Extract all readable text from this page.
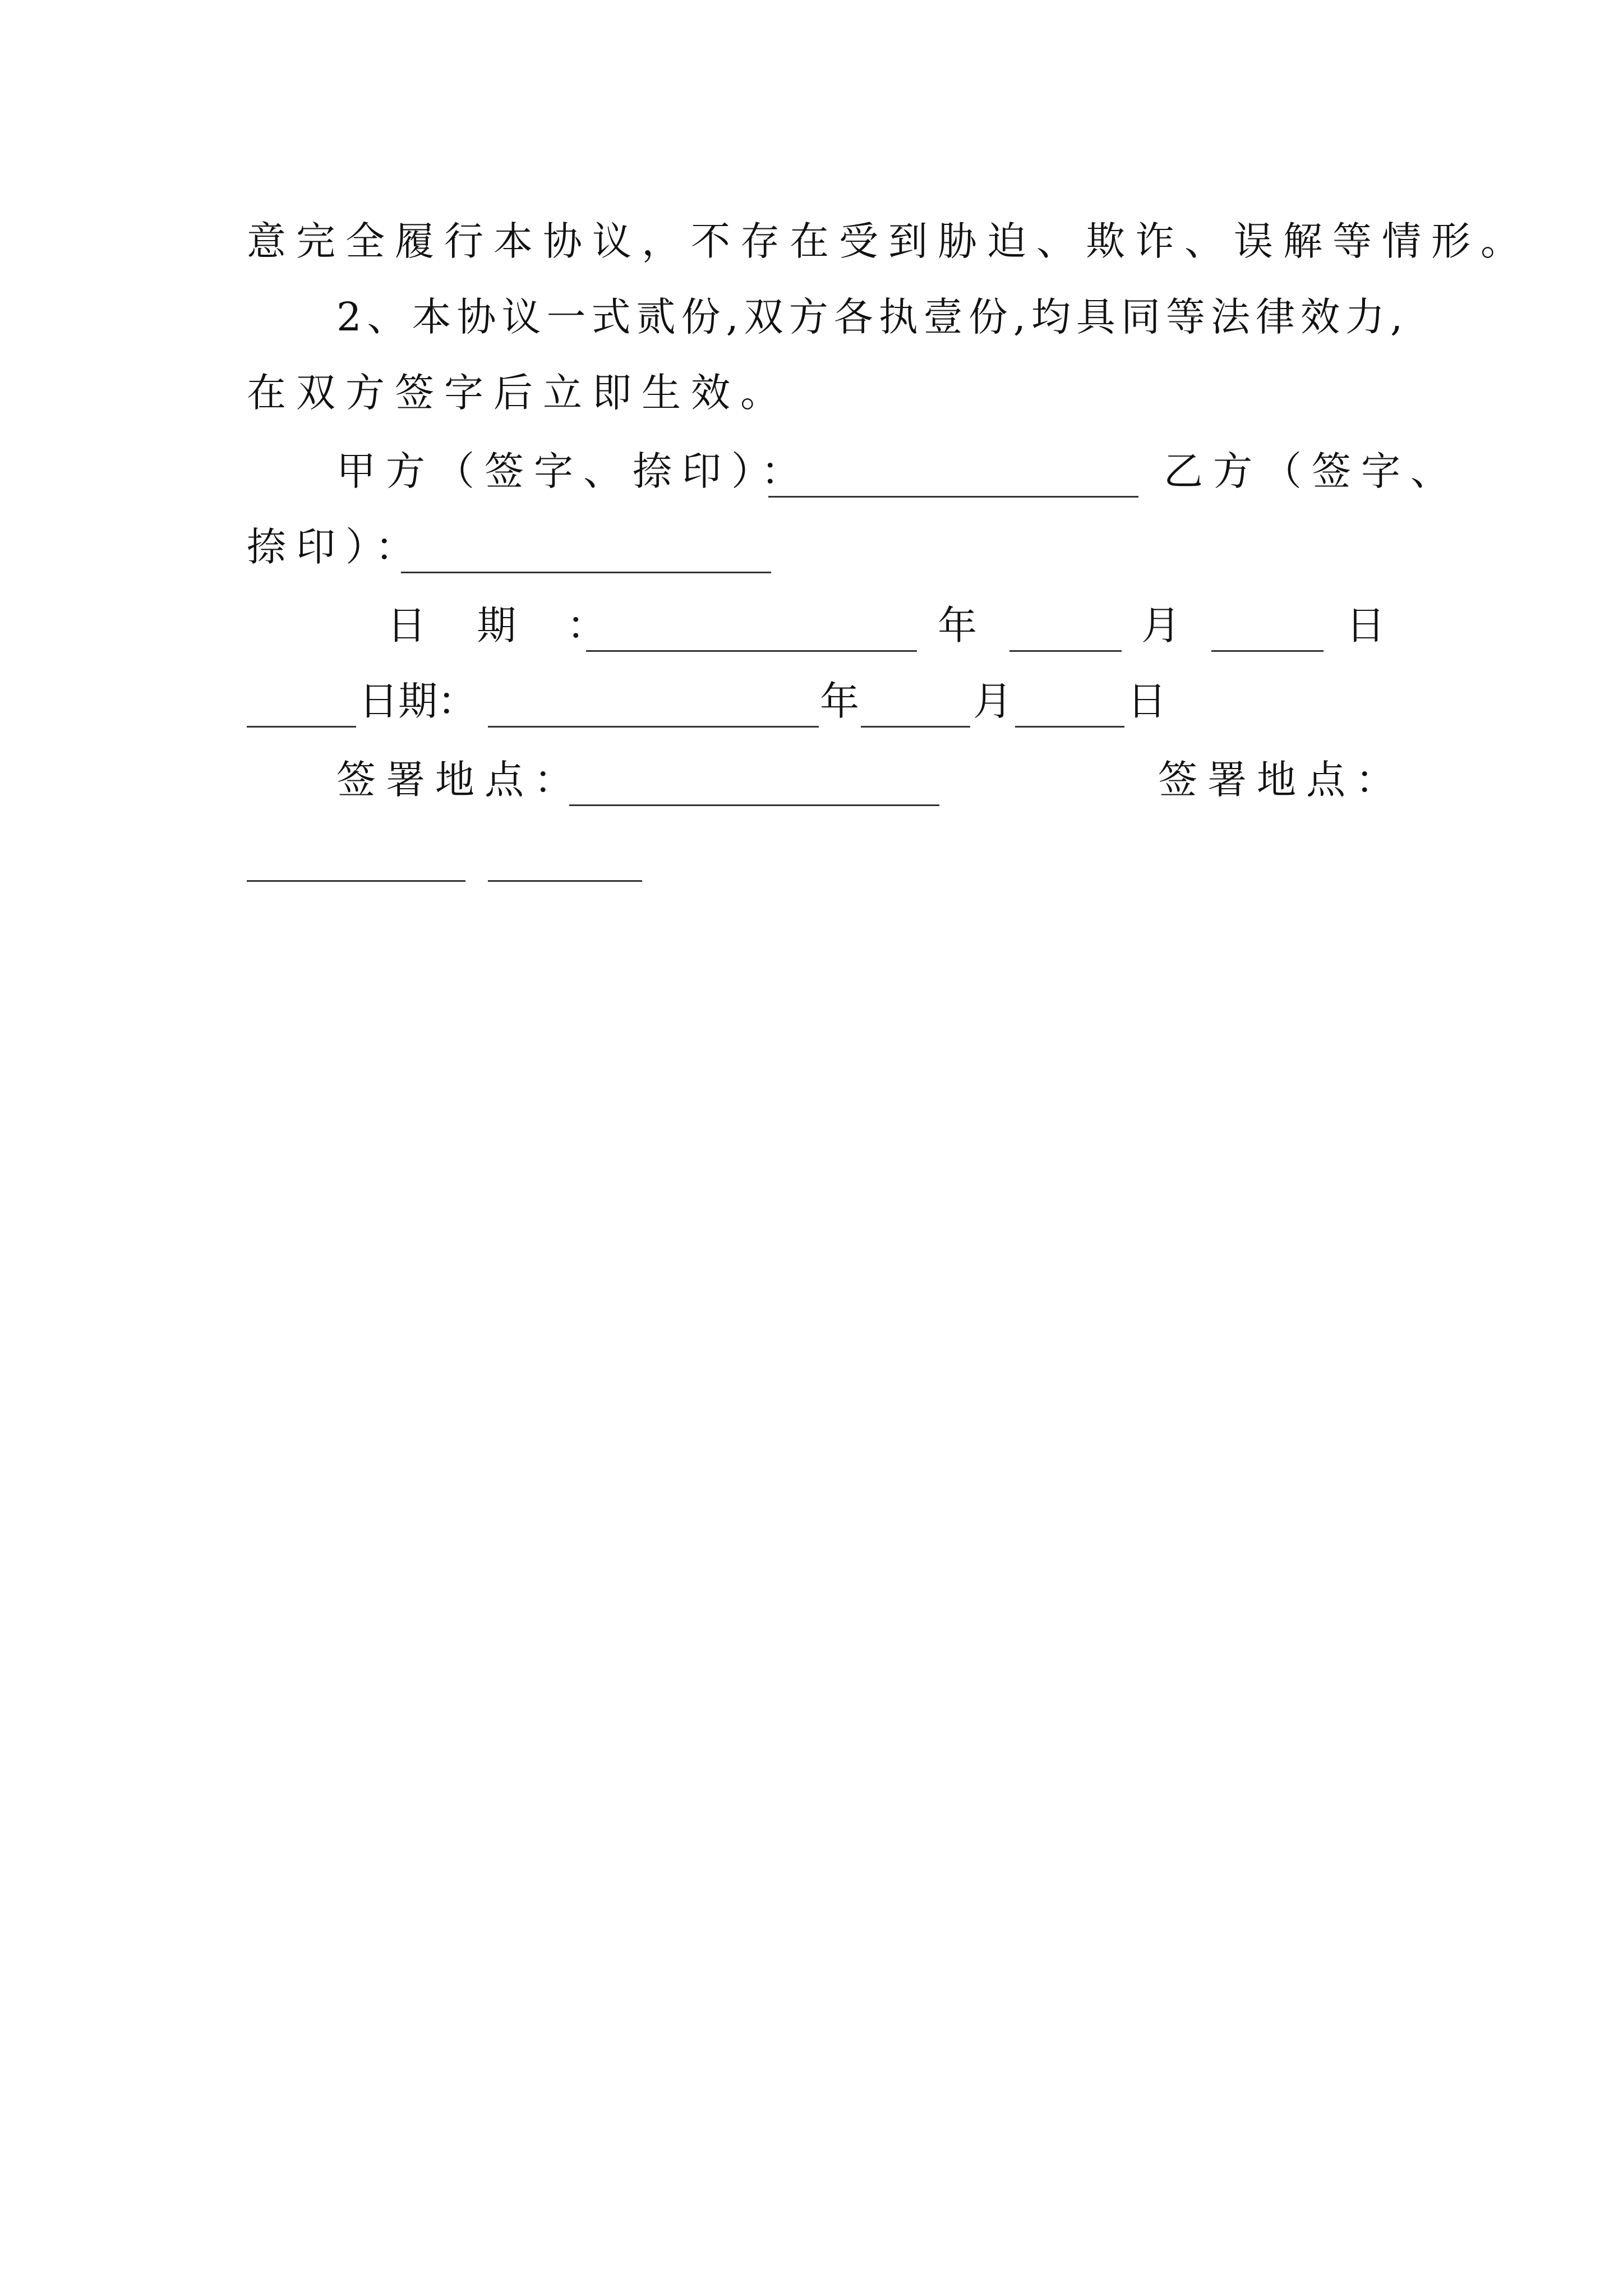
意完全履行本协议，不存在受到胁迫、欺诈、误解等情形。
2、本协议一式贰份,双方各执壹份,均具同等法律效力,
在双方签字后立即生效。
甲方（签字、捺印）：	乙方（签字、
捺印）：
日 期 ：	年	月	日
日期：	年	月	日
签署地点：	签署地点：
